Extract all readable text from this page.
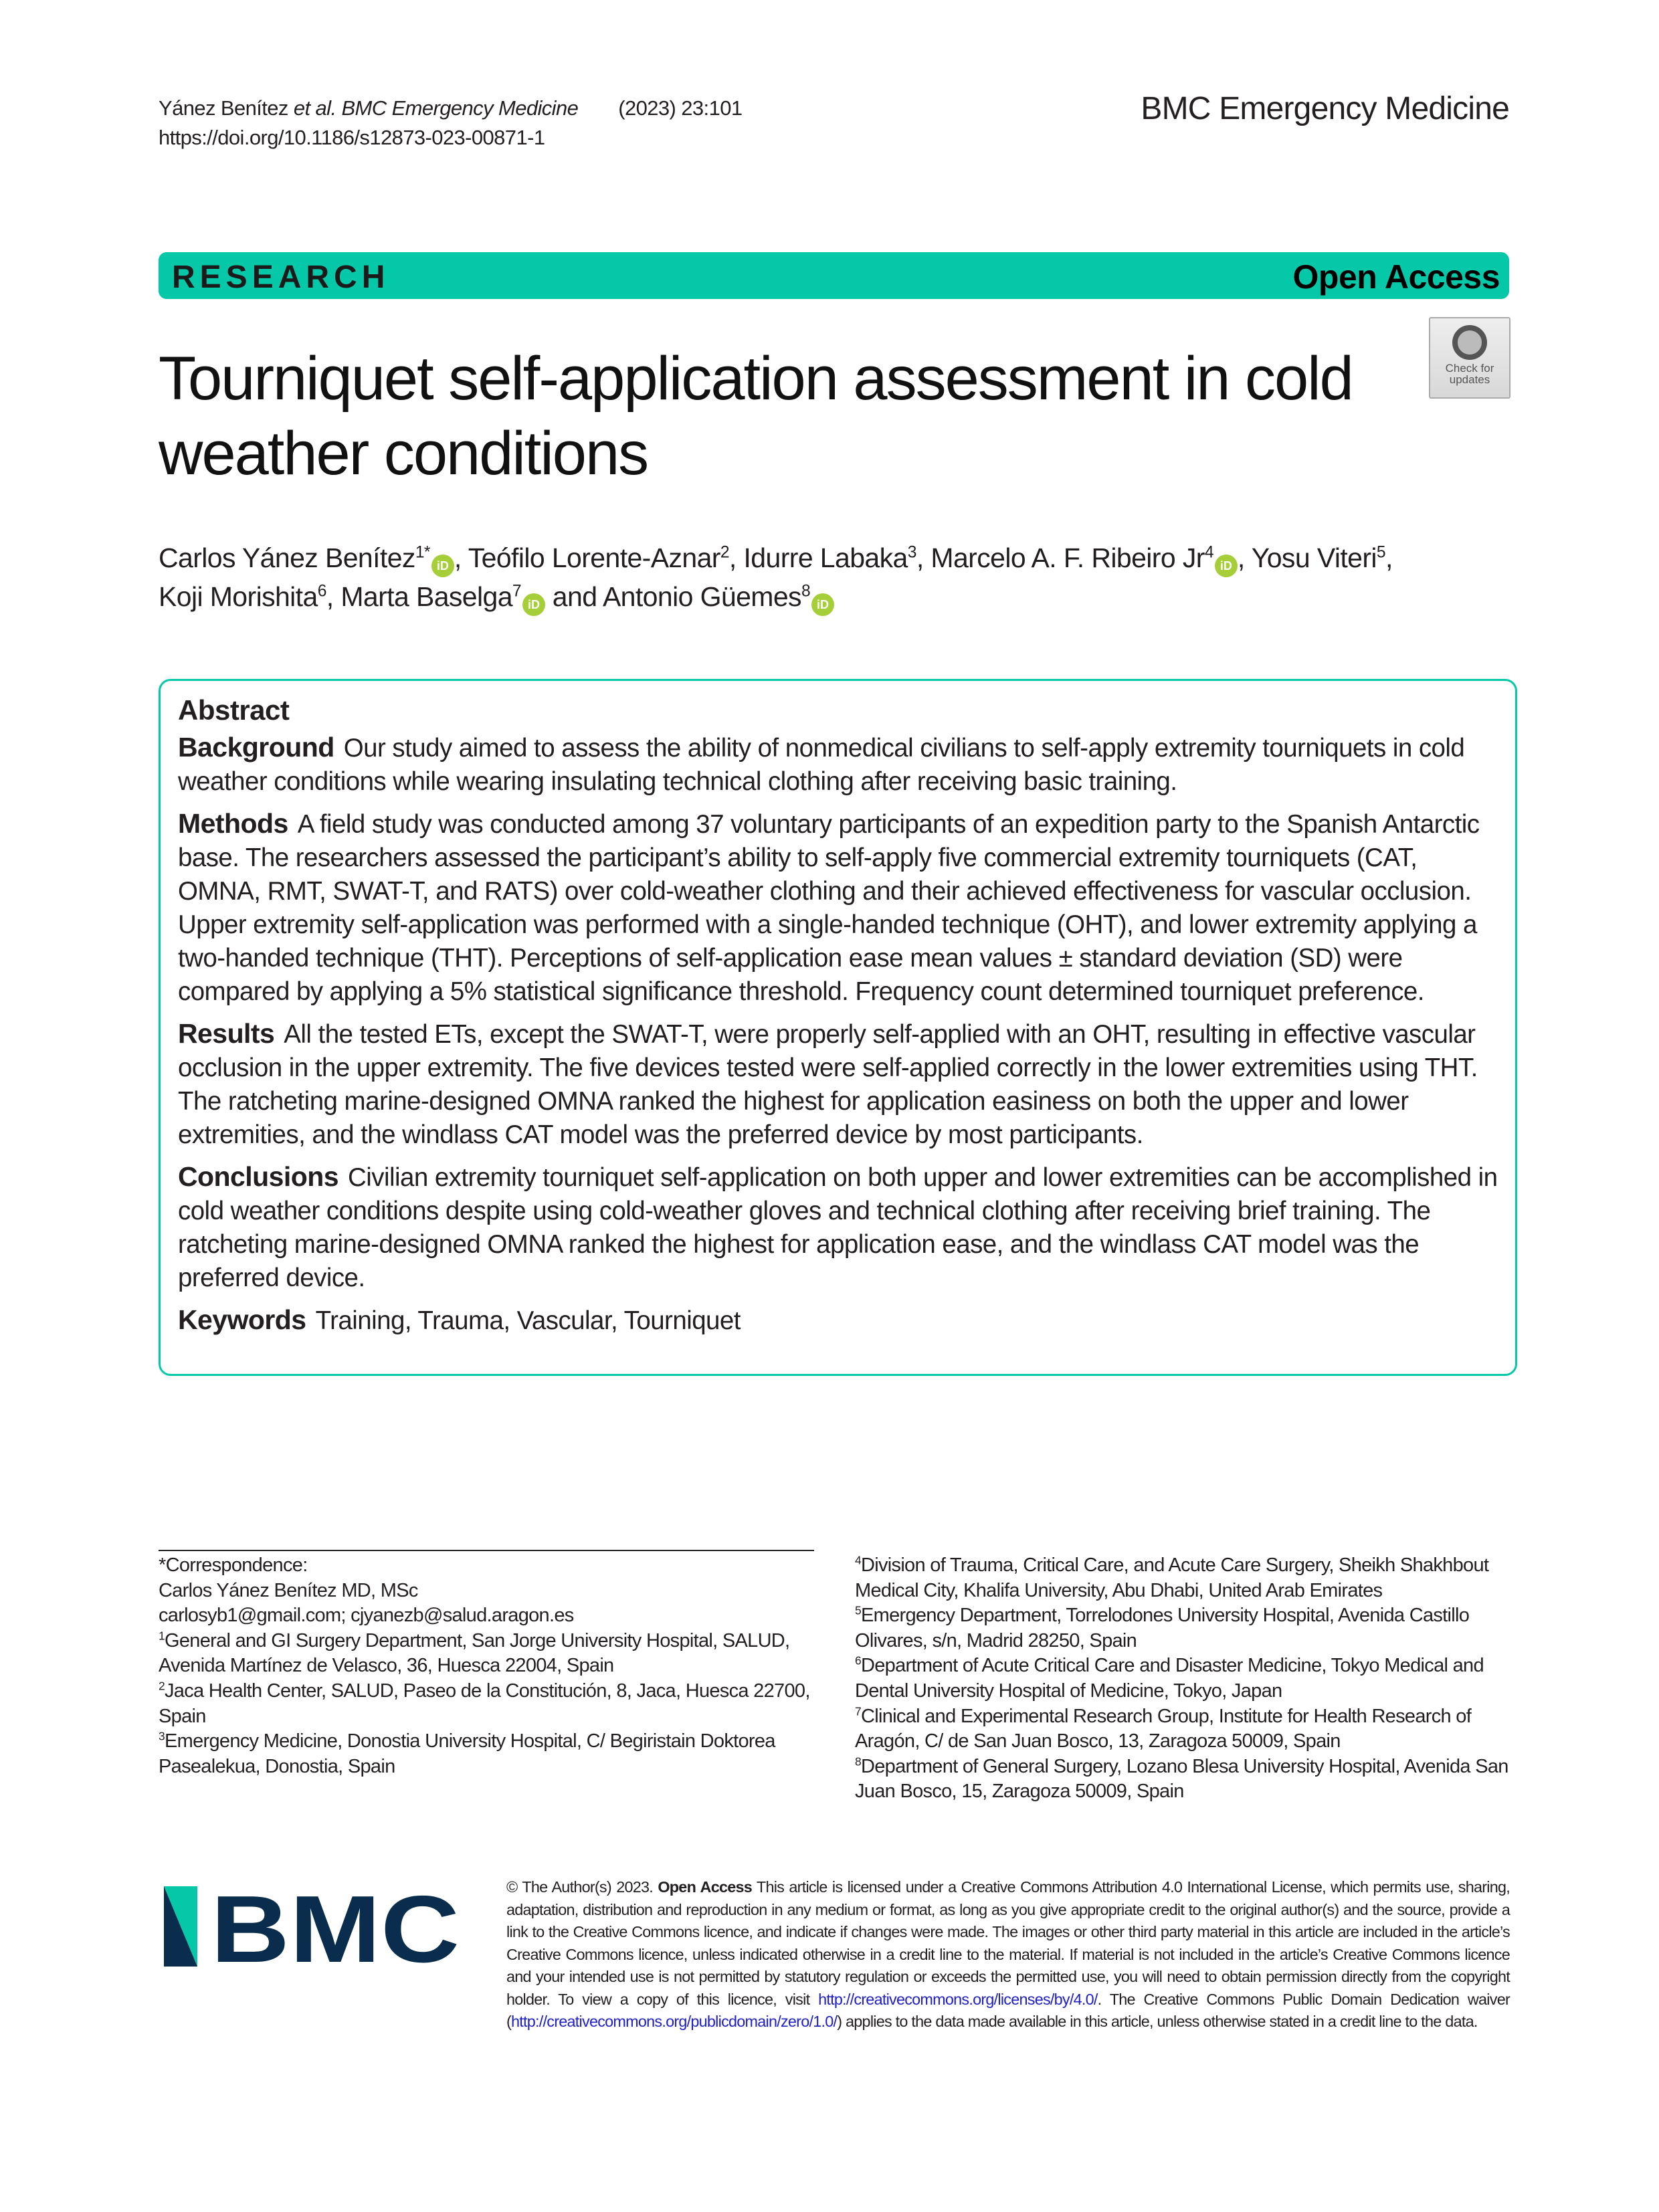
Yánez Benítez et al. BMC Emergency Medicine (2023) 23:101
https://doi.org/10.1186/s12873-023-00871-1
BMC Emergency Medicine
RESEARCH	Open Access
Tourniquet self-application assessment in cold weather conditions
Check for
updates
Carlos Yánez Benítez$^{1*}$iD , Teófilo Lorente-Aznar$^2$, Idurre Labaka$^3$, Marcelo A. F. Ribeiro Jr$^4$iD , Yosu Viteri$^5$,
Koji Morishita$^6$, Marta Baselga$^7$iD and Antonio Güemes$^8$iD
Abstract
Background Our study aimed to assess the ability of nonmedical civilians to self-apply extremity tourniquets in cold weather conditions while wearing insulating technical clothing after receiving basic training.
Methods A field study was conducted among 37 voluntary participants of an expedition party to the Spanish Antarctic base. The researchers assessed the participant’s ability to self-apply five commercial extremity tourniquets (CAT, OMNA, RMT, SWAT-T, and RATS) over cold-weather clothing and their achieved effectiveness for vascular occlusion. Upper extremity self-application was performed with a single-handed technique (OHT), and lower extremity applying a two-handed technique (THT). Perceptions of self-application ease mean values ± standard deviation (SD) were compared by applying a 5% statistical significance threshold. Frequency count determined tourniquet preference.
Results All the tested ETs, except the SWAT-T, were properly self-applied with an OHT, resulting in effective vascular occlusion in the upper extremity. The five devices tested were self-applied correctly in the lower extremities using THT. The ratcheting marine-designed OMNA ranked the highest for application easiness on both the upper and lower extremities, and the windlass CAT model was the preferred device by most participants.
Conclusions Civilian extremity tourniquet self-application on both upper and lower extremities can be accomplished in cold weather conditions despite using cold-weather gloves and technical clothing after receiving brief training. The ratcheting marine-designed OMNA ranked the highest for application ease, and the windlass CAT model was the preferred device.
Keywords Training, Trauma, Vascular, Tourniquet
*Correspondence:
Carlos Yánez Benítez MD, MSc
carlosyb1@gmail.com; cjyanezb@salud.aragon.es
$^1$General and GI Surgery Department, San Jorge University Hospital, SALUD, Avenida Martínez de Velasco, 36, Huesca 22004, Spain
$^2$Jaca Health Center, SALUD, Paseo de la Constitución, 8, Jaca, Huesca 22700, Spain
$^3$Emergency Medicine, Donostia University Hospital, C/ Begiristain Doktorea Pasealekua, Donostia, Spain
$^4$Division of Trauma, Critical Care, and Acute Care Surgery, Sheikh Shakhbout Medical City, Khalifa University, Abu Dhabi, United Arab Emirates
$^5$Emergency Department, Torrelodones University Hospital, Avenida Castillo Olivares, s/n, Madrid 28250, Spain
$^6$Department of Acute Critical Care and Disaster Medicine, Tokyo Medical and Dental University Hospital of Medicine, Tokyo, Japan
$^7$Clinical and Experimental Research Group, Institute for Health Research of Aragón, C/ de San Juan Bosco, 13, Zaragoza 50009, Spain
$^8$Department of General Surgery, Lozano Blesa University Hospital, Avenida San Juan Bosco, 15, Zaragoza 50009, Spain
BMC	© The Author(s) 2023. Open Access This article is licensed under a Creative Commons Attribution 4.0 International License, which permits use, sharing, adaptation, distribution and reproduction in any medium or format, as long as you give appropriate credit to the original author(s) and the source, provide a link to the Creative Commons licence, and indicate if changes were made. The images or other third party material in this article are included in the article’s Creative Commons licence, unless indicated otherwise in a credit line to the material. If material is not included in the article’s Creative Commons licence and your intended use is not permitted by statutory regulation or exceeds the permitted use, you will need to obtain permission directly from the copyright holder. To view a copy of this licence, visit http://creativecommons.org/licenses/by/4.0/. The Creative Commons Public Domain Dedication waiver (http://creativecommons.org/publicdomain/zero/1.0/) applies to the data made available in this article, unless otherwise stated in a credit line to the data.
